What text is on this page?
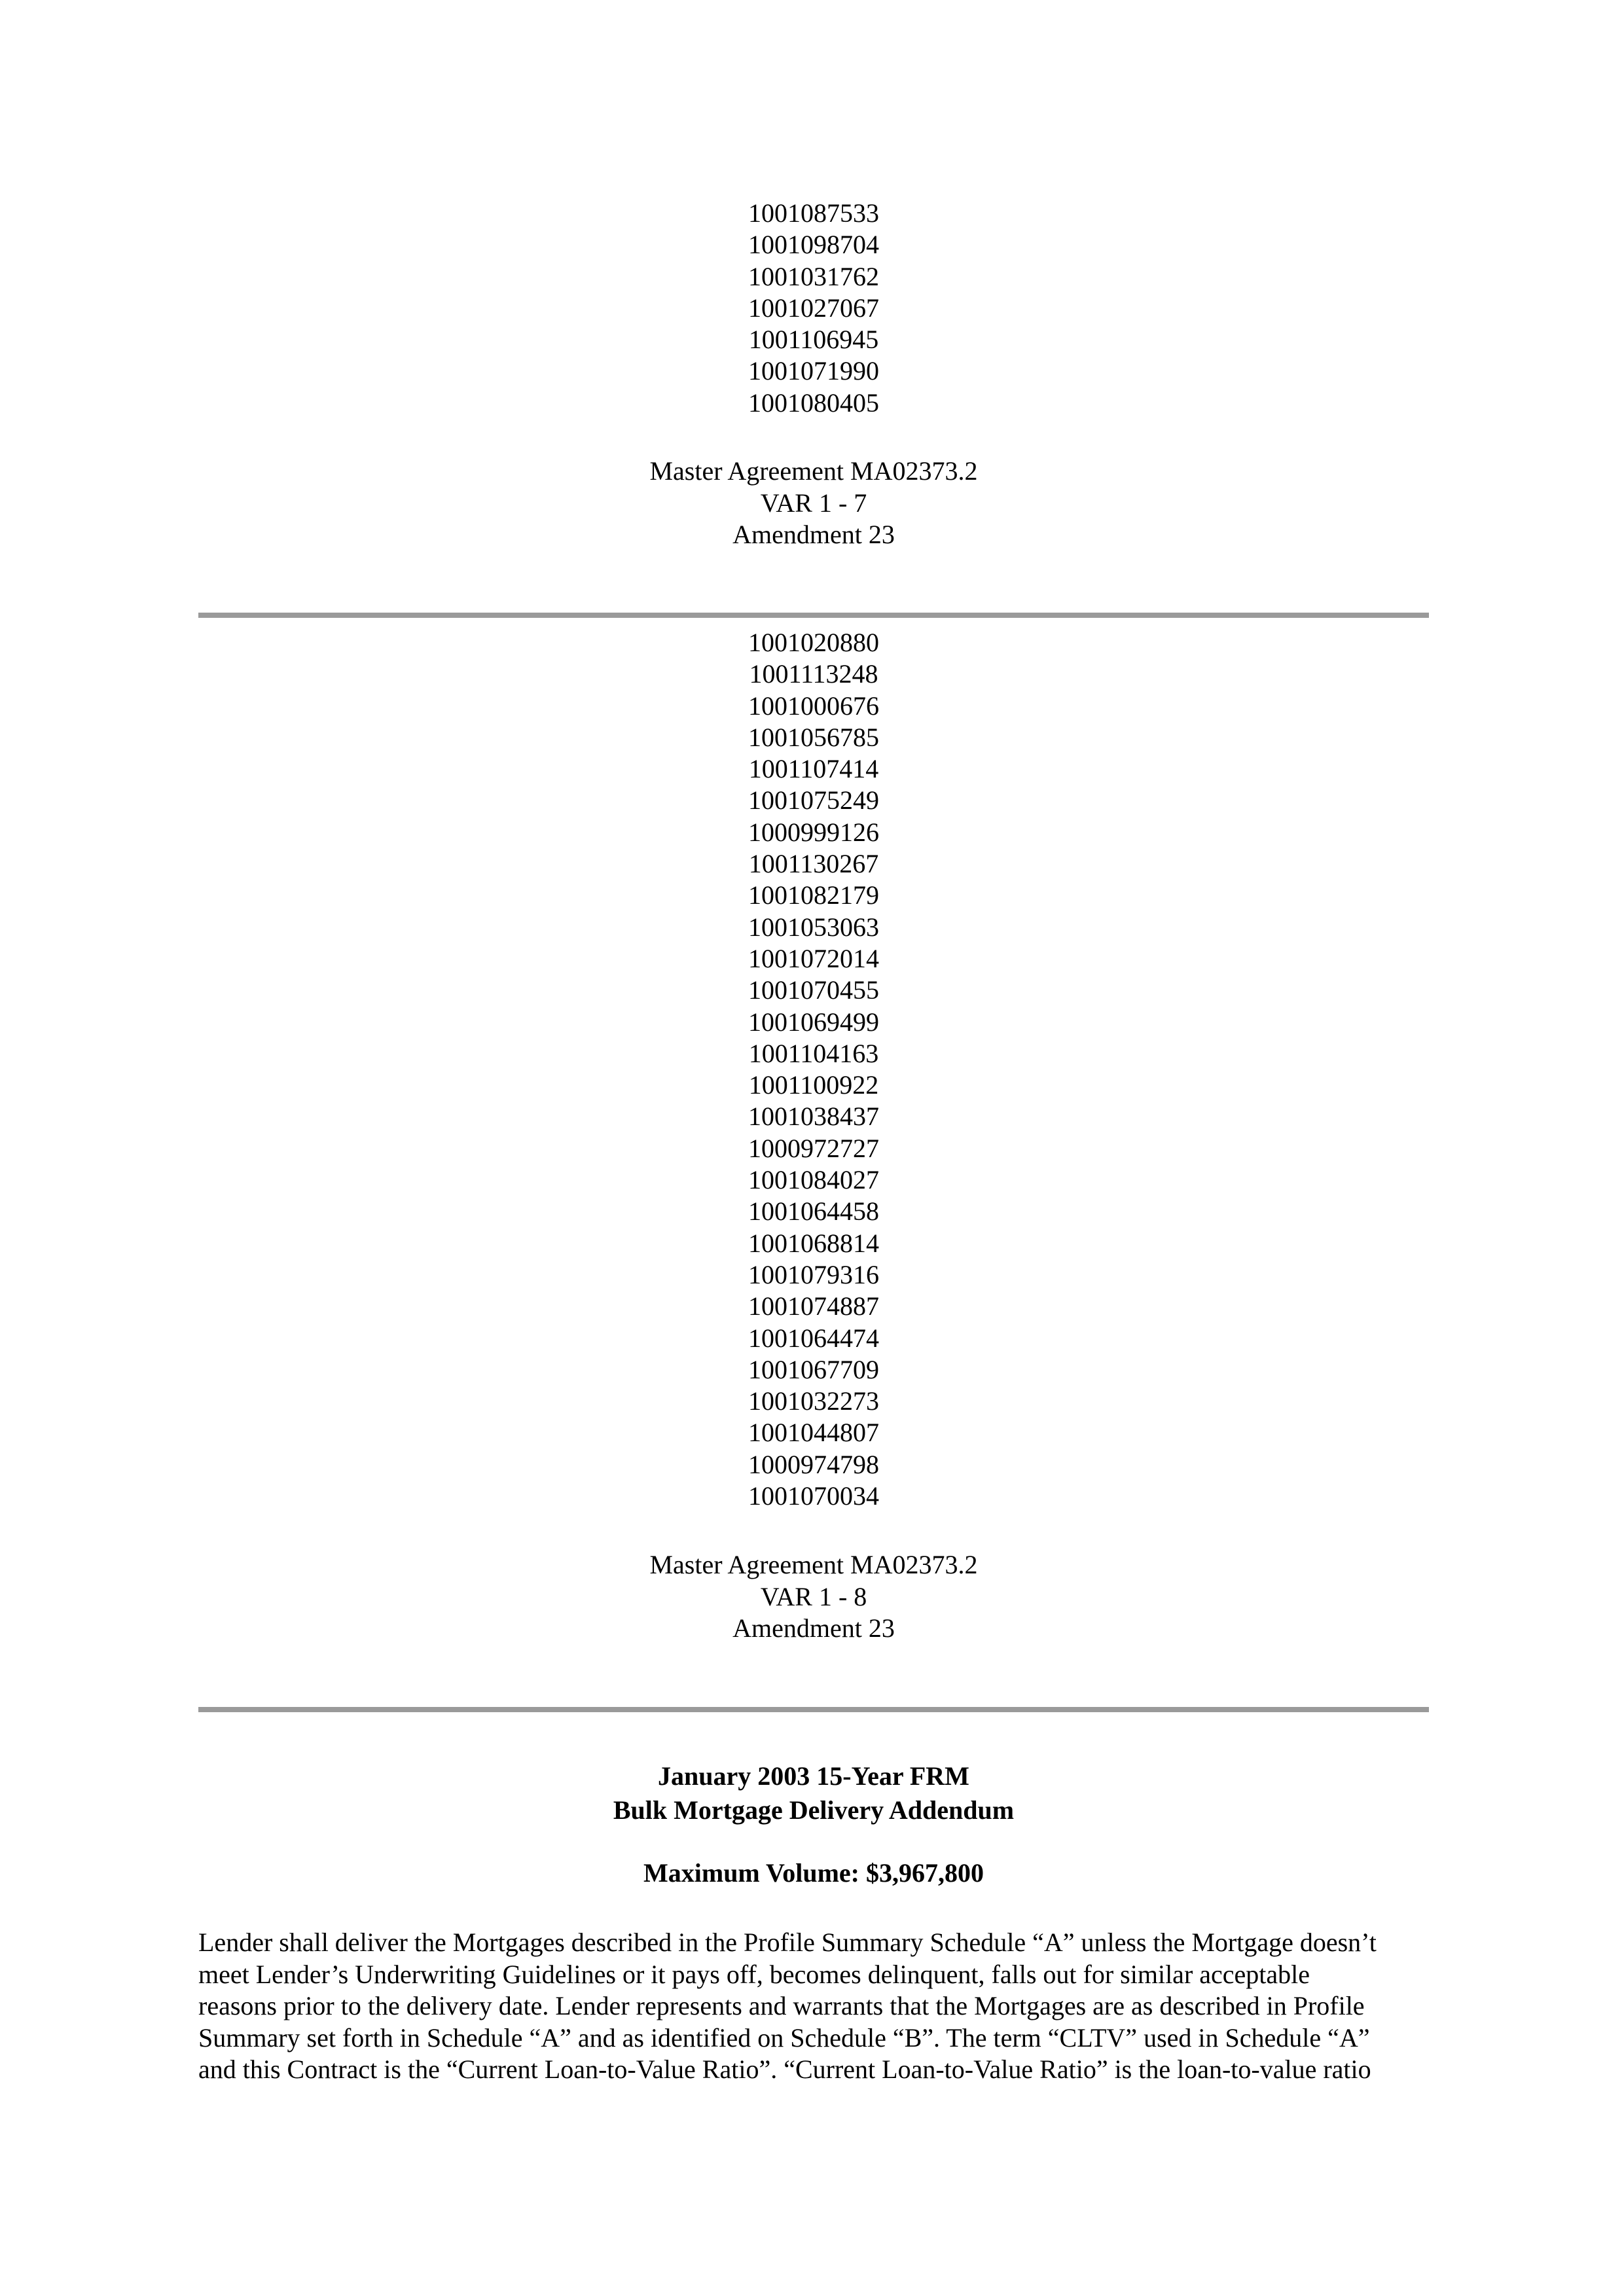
1001087533
1001098704
1001031762
1001027067
1001106945
1001071990
1001080405
Master Agreement MA02373.2
VAR 1 - 7
Amendment 23
1001020880
1001113248
1001000676
1001056785
1001107414
1001075249
1000999126
1001130267
1001082179
1001053063
1001072014
1001070455
1001069499
1001104163
1001100922
1001038437
1000972727
1001084027
1001064458
1001068814
1001079316
1001074887
1001064474
1001067709
1001032273
1001044807
1000974798
1001070034
Master Agreement MA02373.2
VAR 1 - 8
Amendment 23
January 2003 15-Year FRM
Bulk Mortgage Delivery Addendum
Maximum Volume: $3,967,800
Lender shall deliver the Mortgages described in the Profile Summary Schedule “A” unless the Mortgage doesn’t
meet Lender’s Underwriting Guidelines or it pays off, becomes delinquent, falls out for similar acceptable
reasons prior to the delivery date. Lender represents and warrants that the Mortgages are as described in Profile
Summary set forth in Schedule “A” and as identified on Schedule “B”. The term “CLTV” used in Schedule “A”
and this Contract is the “Current Loan-to-Value Ratio”. “Current Loan-to-Value Ratio” is the loan-to-value ratio
